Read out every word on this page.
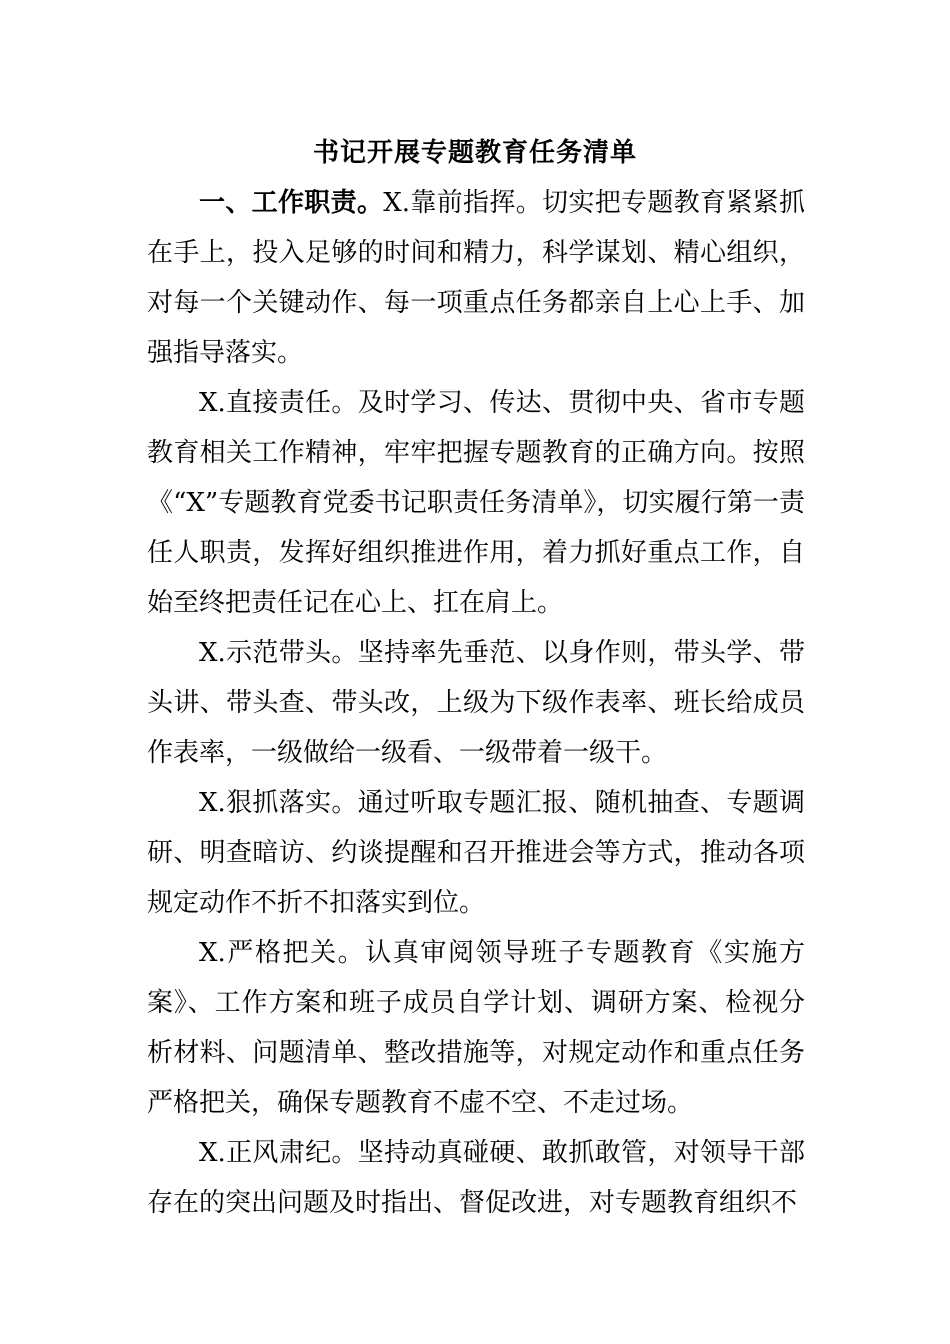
书记开展专题教育任务清单

一、工作职责。X.靠前指挥。切实把专题教育紧紧抓在手上，投入足够的时间和精力，科学谋划、精心组织，对每一个关键动作、每一项重点任务都亲自上心上手、加强指导落实。

X.直接责任。及时学习、传达、贯彻中央、省市专题教育相关工作精神，牢牢把握专题教育的正确方向。按照《“X”专题教育党委书记职责任务清单》，切实履行第一责任人职责，发挥好组织推进作用，着力抓好重点工作，自始至终把责任记在心上、扛在肩上。

X.示范带头。坚持率先垂范、以身作则，带头学、带头讲、带头查、带头改，上级为下级作表率、班长给成员作表率，一级做给一级看、一级带着一级干。

X.狠抓落实。通过听取专题汇报、随机抽查、专题调研、明查暗访、约谈提醒和召开推进会等方式，推动各项规定动作不折不扣落实到位。

X.严格把关。认真审阅领导班子专题教育《实施方案》、工作方案和班子成员自学计划、调研方案、检视分析材料、问题清单、整改措施等，对规定动作和重点任务严格把关，确保专题教育不虚不空、不走过场。

X.正风肃纪。坚持动真碰硬、敢抓敢管，对领导干部存在的突出问题及时指出、督促改进，对专题教育组织不
